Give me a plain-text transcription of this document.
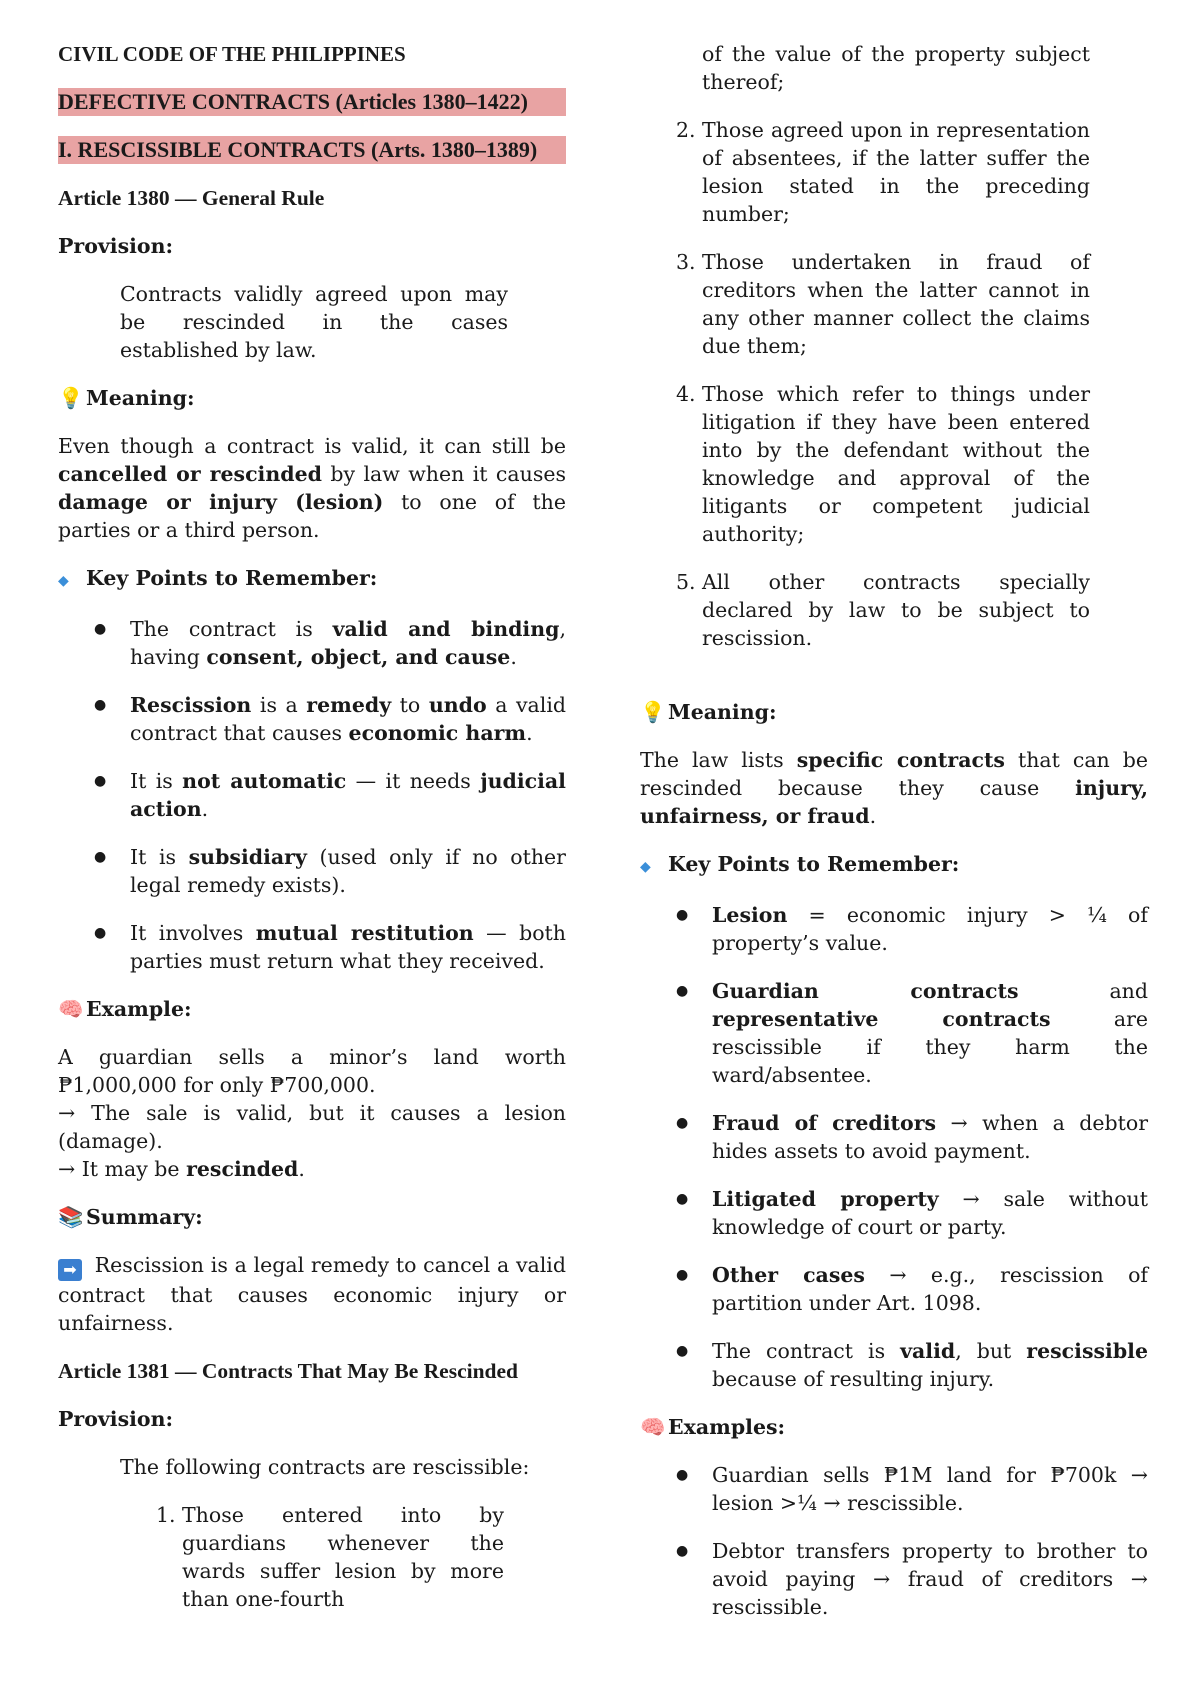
CIVIL CODE OF THE PHILIPPINES
DEFECTIVE CONTRACTS (Articles 1380–1422)
I. RESCISSIBLE CONTRACTS (Arts. 1380–1389)
Article 1380 — General Rule
Provision:

Contracts validly agreed upon may be rescinded in the cases established by law.

💡 Meaning:

Even though a contract is valid, it can still be cancelled or rescinded by law when it causes damage or injury (lesion) to one of the parties or a third person.

◆ Key Points to Remember:
● The contract is valid and binding, having consent, object, and cause.
● Rescission is a remedy to undo a valid contract that causes economic harm.
● It is not automatic — it needs judicial action.
● It is subsidiary (used only if no other legal remedy exists).
● It involves mutual restitution — both parties must return what they received.
🧠 Example:

A guardian sells a minor’s land worth ₱1,000,000 for only ₱700,000.
→ The sale is valid, but it causes a lesion (damage).
→ It may be rescinded.

📚 Summary:

➡ Rescission is a legal remedy to cancel a valid contract that causes economic injury or unfairness.

Article 1381 — Contracts That May Be Rescinded
Provision:

The following contracts are rescissible:

1. Those entered into by guardians whenever the wards suffer lesion by more than one-fourth
of the value of the property subject thereof;
2. Those agreed upon in representation of absentees, if the latter suffer the lesion stated in the preceding number;
3. Those undertaken in fraud of creditors when the latter cannot in any other manner collect the claims due them;
4. Those which refer to things under litigation if they have been entered into by the defendant without the knowledge and approval of the litigants or competent judicial authority;
5. All other contracts specially declared by law to be subject to rescission.
💡 Meaning:

The law lists specific contracts that can be rescinded because they cause injury, unfairness, or fraud.

◆ Key Points to Remember:
● Lesion = economic injury > ¼ of property’s value.
● Guardian contracts and representative contracts are rescissible if they harm the ward/absentee.
● Fraud of creditors → when a debtor hides assets to avoid payment.
● Litigated property → sale without knowledge of court or party.
● Other cases → e.g., rescission of partition under Art. 1098.
● The contract is valid, but rescissible because of resulting injury.
🧠 Examples:
● Guardian sells ₱1M land for ₱700k → lesion >¼ → rescissible.
● Debtor transfers property to brother to avoid paying → fraud of creditors → rescissible.
